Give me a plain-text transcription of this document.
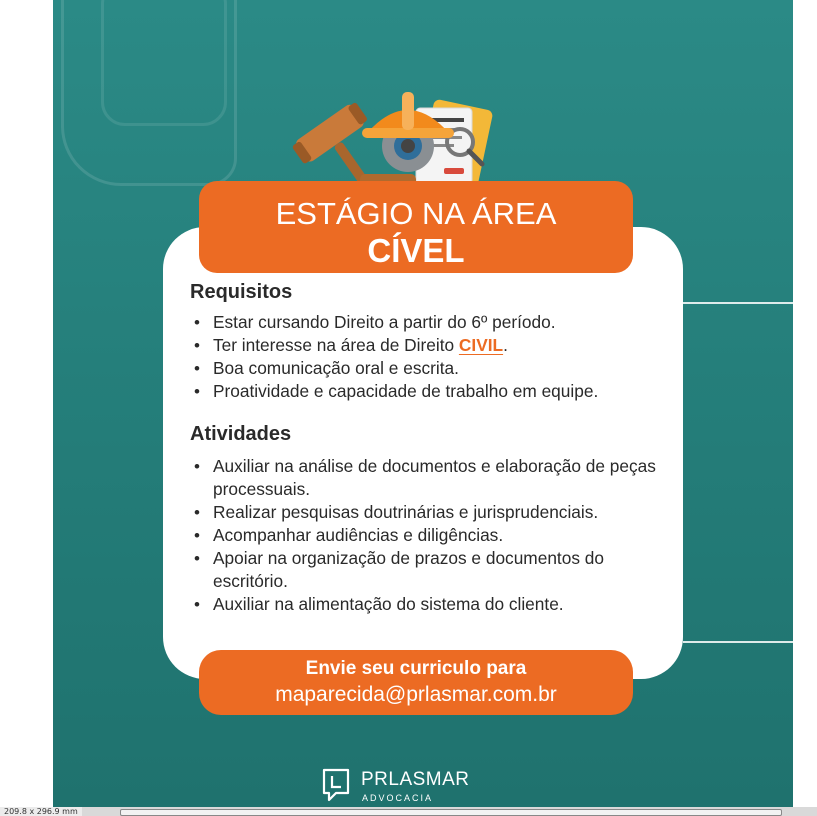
ESTÁGIO NA ÁREA
CÍVEL
Requisitos
• Estar cursando Direito a partir do 6º período.
• Ter interesse na área de Direito CIVIL.
• Boa comunicação oral e escrita.
• Proatividade e capacidade de trabalho em equipe.
Atividades
• Auxiliar na análise de documentos e elaboração de peças processuais.
• Realizar pesquisas doutrinárias e jurisprudenciais.
• Acompanhar audiências e diligências.
• Apoiar na organização de prazos e documentos do escritório.
• Auxiliar na alimentação do sistema do cliente.
Envie seu curriculo para
maparecida@prlasmar.com.br
PRLASMAR
ADVOCACIA
209.8 x 296.9 mm
